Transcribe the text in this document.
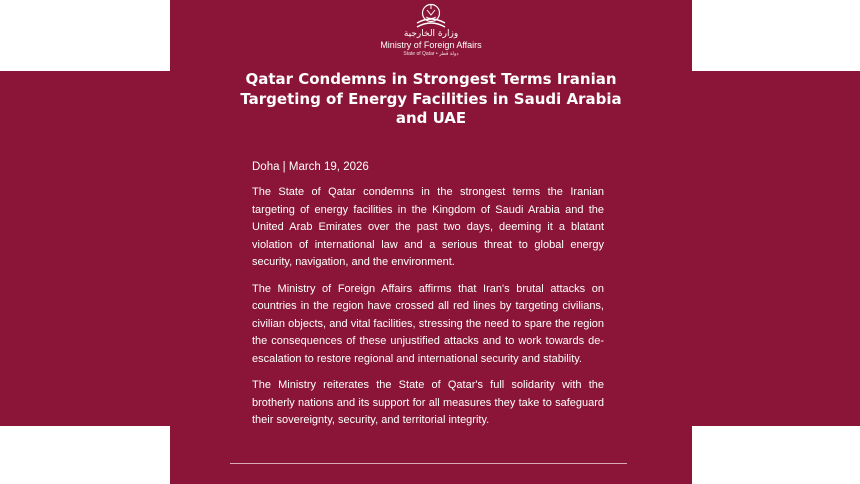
وزارة الخارجية
Ministry of Foreign Affairs
State of Qatar • دولة قطر
Qatar Condemns in Strongest Terms Iranian Targeting of Energy Facilities in Saudi Arabia and UAE
Doha | March 19, 2026

The State of Qatar condemns in the strongest terms the Iranian targeting of energy facilities in the Kingdom of Saudi Arabia and the United Arab Emirates over the past two days, deeming it a blatant violation of international law and a serious threat to global energy security, navigation, and the environment.

The Ministry of Foreign Affairs affirms that Iran's brutal attacks on countries in the region have crossed all red lines by targeting civilians, civilian objects, and vital facilities, stressing the need to spare the region the consequences of these unjustified attacks and to work towards de-escalation to restore regional and international security and stability.

The Ministry reiterates the State of Qatar's full solidarity with the brotherly nations and its support for all measures they take to safeguard their sovereignty, security, and territorial integrity.
